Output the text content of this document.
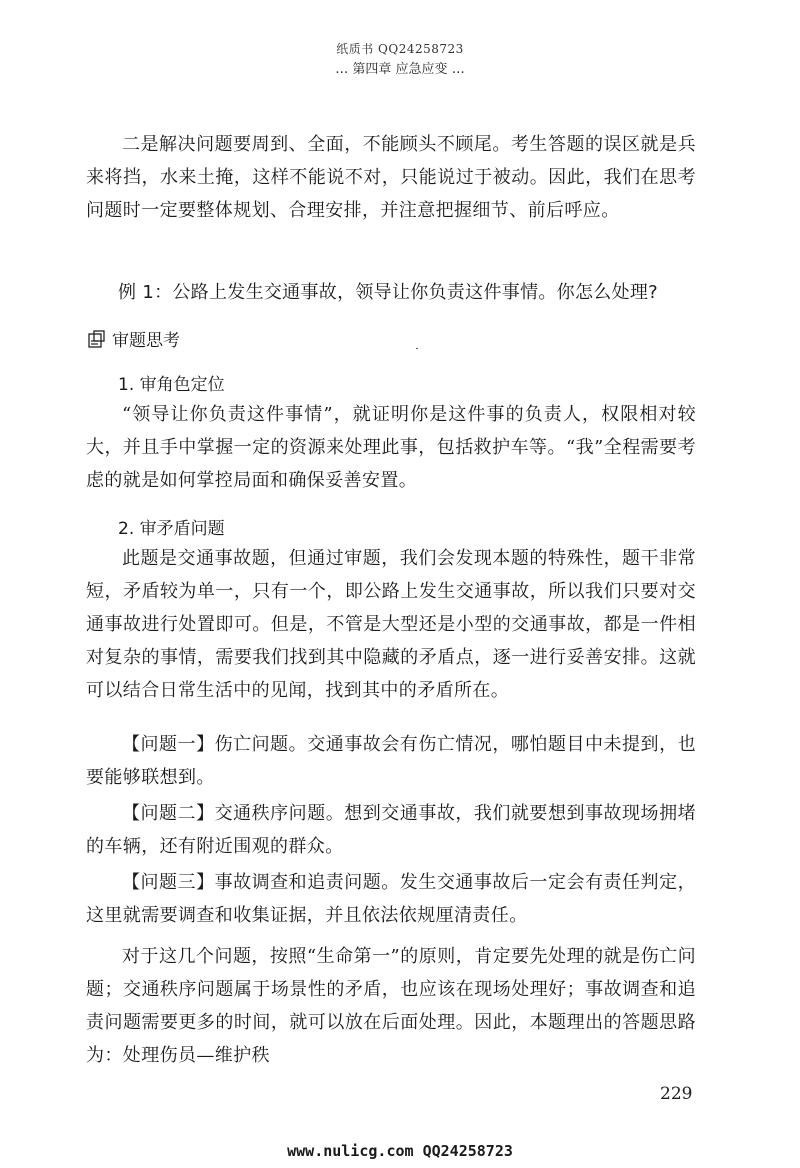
纸质书 QQ24258723
… 第四章 应急应变 …

二是解决问题要周到、全面，不能顾头不顾尾。考生答题的误区就是兵来将挡，水来土掩，这样不能说不对，只能说过于被动。因此，我们在思考问题时一定要整体规划、合理安排，并注意把握细节、前后呼应。

例 1：公路上发生交通事故，领导让你负责这件事情。你怎么处理?
审题思考
1. 审角色定位

“领导让你负责这件事情”，就证明你是这件事的负责人，权限相对较大，并且手中掌握一定的资源来处理此事，包括救护车等。“我”全程需要考虑的就是如何掌控局面和确保妥善安置。

2. 审矛盾问题

此题是交通事故题，但通过审题，我们会发现本题的特殊性，题干非常短，矛盾较为单一，只有一个，即公路上发生交通事故，所以我们只要对交通事故进行处置即可。但是，不管是大型还是小型的交通事故，都是一件相对复杂的事情，需要我们找到其中隐藏的矛盾点，逐一进行妥善安排。这就可以结合日常生活中的见闻，找到其中的矛盾所在。

【问题一】伤亡问题。交通事故会有伤亡情况，哪怕题目中未提到，也要能够联想到。

【问题二】交通秩序问题。想到交通事故，我们就要想到事故现场拥堵的车辆，还有附近围观的群众。

【问题三】事故调查和追责问题。发生交通事故后一定会有责任判定，这里就需要调查和收集证据，并且依法依规厘清责任。

对于这几个问题，按照“生命第一”的原则，肯定要先处理的就是伤亡问题；交通秩序问题属于场景性的矛盾，也应该在现场处理好；事故调查和追责问题需要更多的时间，就可以放在后面处理。因此，本题理出的答题思路为：处理伤员—维护秩

229
www.nulicg.com QQ24258723
